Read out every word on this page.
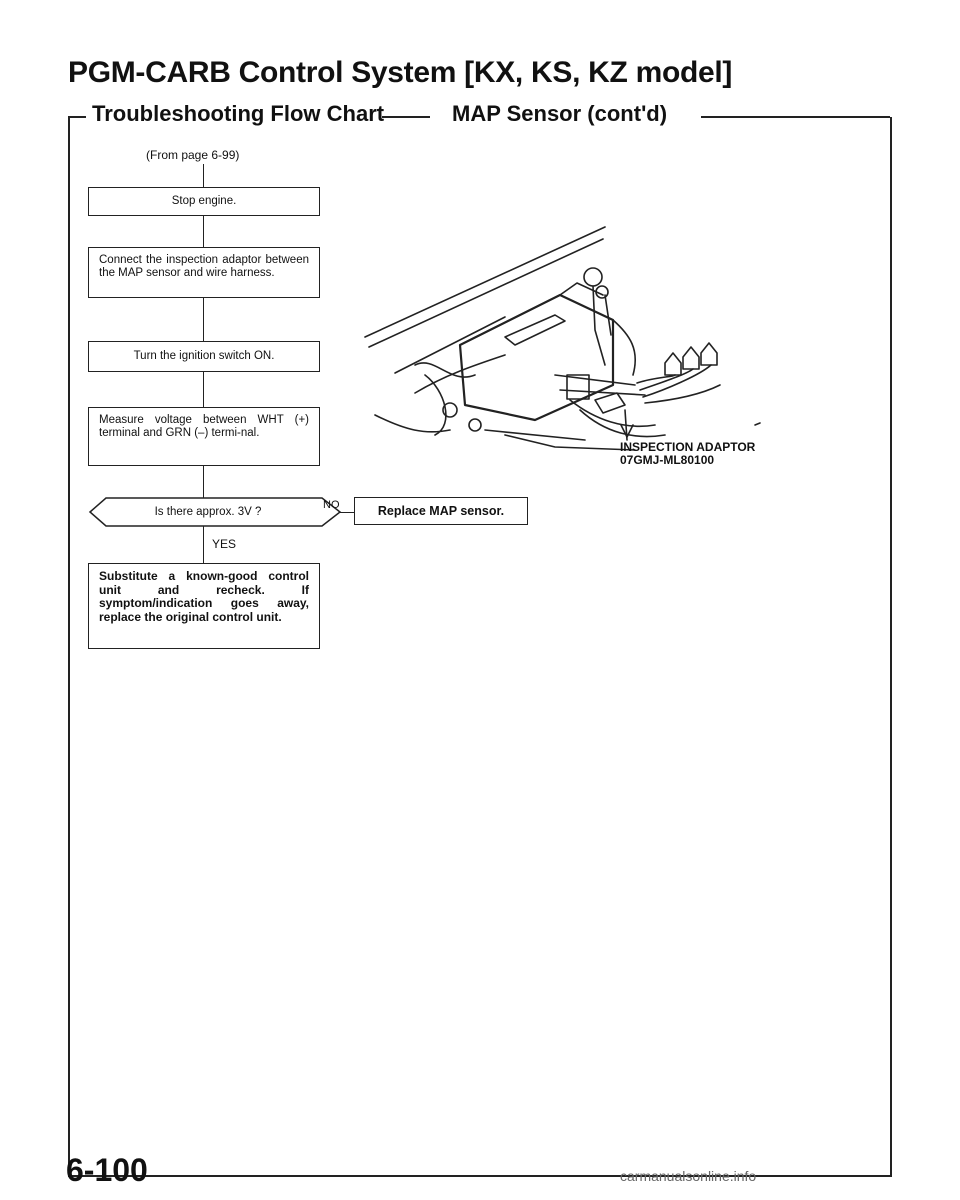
PGM-CARB Control System [KX, KS, KZ model]
Troubleshooting Flow Chart	MAP Sensor (cont'd)
(From page 6-99)
Stop engine.
Connect the inspection adaptor between the MAP sensor and wire harness.
Turn the ignition switch ON.
Measure voltage between WHT (+) terminal and GRN (–) termi-nal.
Is there approx. 3V ?
NO
YES
Replace MAP sensor.
Substitute a known-good control unit and recheck. If symptom/indication goes away, replace the original control unit.
INSPECTION ADAPTOR
07GMJ-ML80100
6-100	carmanualsonline.info
